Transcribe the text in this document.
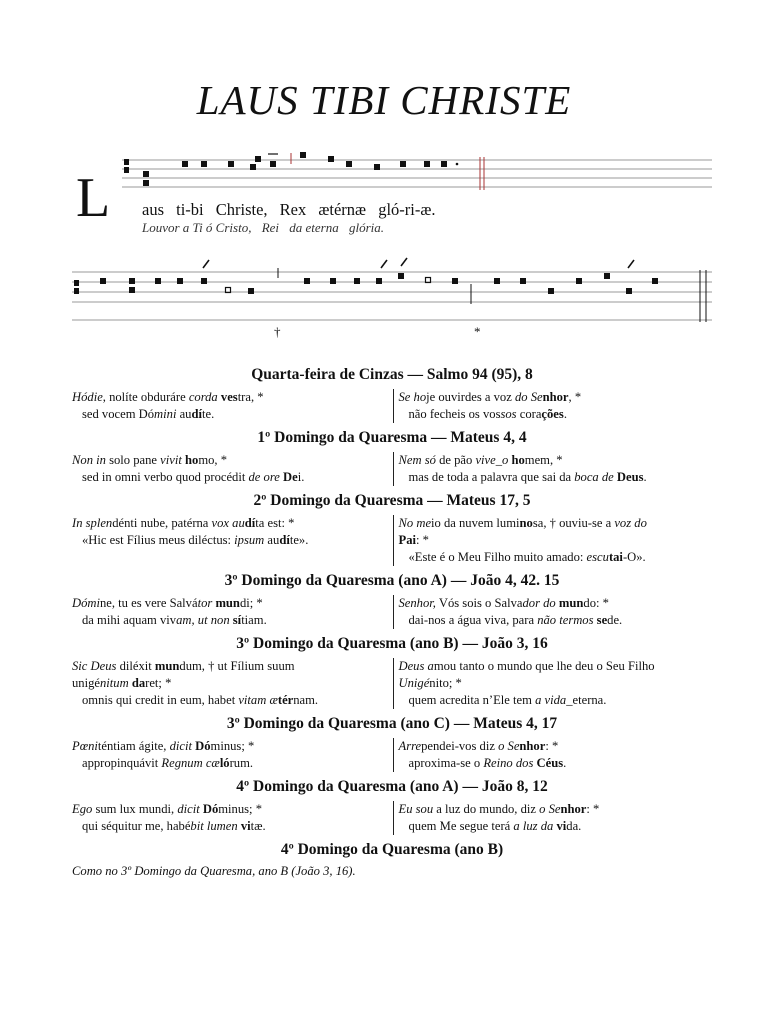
LAUS TIBI CHRISTE
L aus ti-bi Christe, Rex ætérnæ gló-ri-æ.
Louvor a Ti ó Cristo, Rei da eterna glória.
†	*
Quarta-feira de Cinzas — Salmo 94 (95), 8

Hódie, nolíte obduráre corda vestra, *

sed vocem Dómini audíte.

Se hoje ouvirdes a voz do Senhor, *

não fecheis os vossos corações.

1º Domingo da Quaresma — Mateus 4, 4

Non in solo pane vivit homo, *

sed in omni verbo quod procédit de ore Dei.

Nem só de pão vive_o homem, *

mas de toda a palavra que sai da boca de Deus.

2º Domingo da Quaresma — Mateus 17, 5

In splendénti nube, patérna vox audíta est: *

«Hic est Fílius meus diléctus: ipsum audíte».

No meio da nuvem luminosa, † ouviu-se a voz do

Pai: *

«Este é o Meu Filho muito amado: escutai-O».

3º Domingo da Quaresma (ano A) — João 4, 42. 15

Dómine, tu es vere Salvátor mundi; *

da mihi aquam vivam, ut non sítiam.

Senhor, Vós sois o Salvador do mundo: *

dai-nos a água viva, para não termos sede.

3º Domingo da Quaresma (ano B) — João 3, 16

Sic Deus diléxit mundum, † ut Fílium suum

unigénitum daret; *

omnis qui credit in eum, habet vitam ætérnam.

Deus amou tanto o mundo que lhe deu o Seu Filho

Unigénito; *

quem acredita n’Ele tem a vida_eterna.

3º Domingo da Quaresma (ano C) — Mateus 4, 17

Pœniténtiam ágite, dicit Dóminus; *

appropinquávit Regnum cælórum.

Arrependei-vos diz o Senhor: *

aproxima-se o Reino dos Céus.

4º Domingo da Quaresma (ano A) — João 8, 12

Ego sum lux mundi, dicit Dóminus; *

qui séquitur me, habébit lumen vitæ.

Eu sou a luz do mundo, diz o Senhor: *

quem Me segue terá a luz da vida.

4º Domingo da Quaresma (ano B)
Como no 3º Domingo da Quaresma, ano B (João 3, 16).
